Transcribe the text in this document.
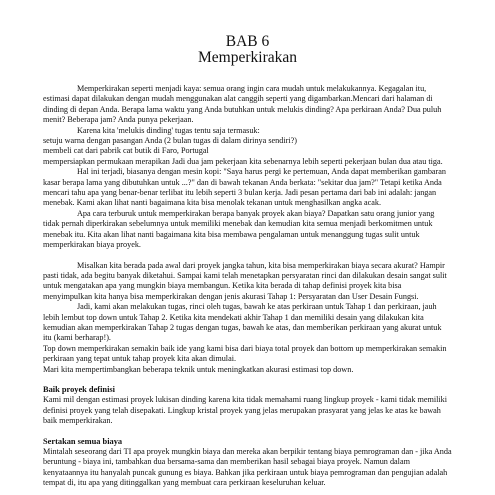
BAB 6
Memperkirakan

Memperkirakan seperti menjadi kaya: semua orang ingin cara mudah untuk melakukannya. Kegagalan itu, estimasi dapat dilakukan dengan mudah menggunakan alat canggih seperti yang digambarkan.Mencari dari halaman di dinding di depan Anda. Berapa lama waktu yang Anda butuhkan untuk melukis dinding? Apa perkiraan Anda? Dua puluh menit? Beberapa jam? Anda punya pekerjaan.

Karena kita 'melukis dinding' tugas tentu saja termasuk:

setuju warna dengan pasangan Anda (2 bulan tugas di dalam dirinya sendiri?)

membeli cat dari pabrik cat butik di Faro, Portugal

mempersiapkan permukaan merapikan Jadi dua jam pekerjaan kita sebenarnya lebih seperti pekerjaan bulan dua atau tiga.

Hal ini terjadi, biasanya dengan mesin kopi: "Saya harus pergi ke pertemuan, Anda dapat memberikan gambaran kasar berapa lama yang dibutuhkan untuk ...?" dan di bawah tekanan Anda berkata: "sekitar dua jam?" Tetapi ketika Anda mencari tahu apa yang benar-benar terlibat itu lebih seperti 3 bulan kerja. Jadi pesan pertama dari bab ini adalah: jangan menebak. Kami akan lihat nanti bagaimana kita bisa menolak tekanan untuk menghasilkan angka acak.

Apa cara terburuk untuk memperkirakan berapa banyak proyek akan biaya? Dapatkan satu orang junior yang tidak pernah diperkirakan sebelumnya untuk memiliki menebak dan kemudian kita semua menjadi berkomitmen untuk menebak itu. Kita akan lihat nanti bagaimana kita bisa membawa pengalaman untuk menanggung tugas sulit untuk memperkirakan biaya proyek.

Misalkan kita berada pada awal dari proyek jangka tahun, kita bisa memperkirakan biaya secara akurat? Hampir pasti tidak, ada begitu banyak diketahui. Sampai kami telah menetapkan persyaratan rinci dan dilakukan desain sangat sulit untuk mengatakan apa yang mungkin biaya membangun. Ketika kita berada di tahap definisi proyek kita bisa menyimpulkan kita hanya bisa memperkirakan dengan jenis akurasi Tahap 1: Persyaratan dan User Desain Fungsi.

Jadi, kami akan melakukan tugas, rinci oleh tugas, bawah ke atas perkiraan untuk Tahap 1 dan perkiraan, jauh lebih lembut top down untuk Tahap 2. Ketika kita mendekati akhir Tahap 1 dan memiliki desain yang dilakukan kita kemudian akan memperkirakan Tahap 2 tugas dengan tugas, bawah ke atas, dan memberikan perkiraan yang akurat untuk itu (kami berharap!).

Top down memperkirakan semakin baik ide yang kami bisa dari biaya total proyek dan bottom up memperkirakan semakin perkiraan yang tepat untuk tahap proyek kita akan dimulai.

Mari kita mempertimbangkan beberapa teknik untuk meningkatkan akurasi estimasi top down.

Baik proyek definisi

Kami mil dengan estimasi proyek lukisan dinding karena kita tidak memahami ruang lingkup proyek - kami tidak memiliki definisi proyek yang telah disepakati. Lingkup kristal proyek yang jelas merupakan prasyarat yang jelas ke atas ke bawah baik memperkirakan.

Sertakan semua biaya

Mintalah seseorang dari TI apa proyek mungkin biaya dan mereka akan berpikir tentang biaya pemrograman dan - jika Anda beruntung - biaya ini, tambahkan dua bersama-sama dan memberikan hasil sebagai biaya proyek. Namun dalam kenyataannya itu hanyalah puncak gunung es biaya. Bahkan jika perkiraan untuk biaya pemrograman dan pengujian adalah tempat di, itu apa yang ditinggalkan yang membuat cara perkiraan keseluruhan keluar.
